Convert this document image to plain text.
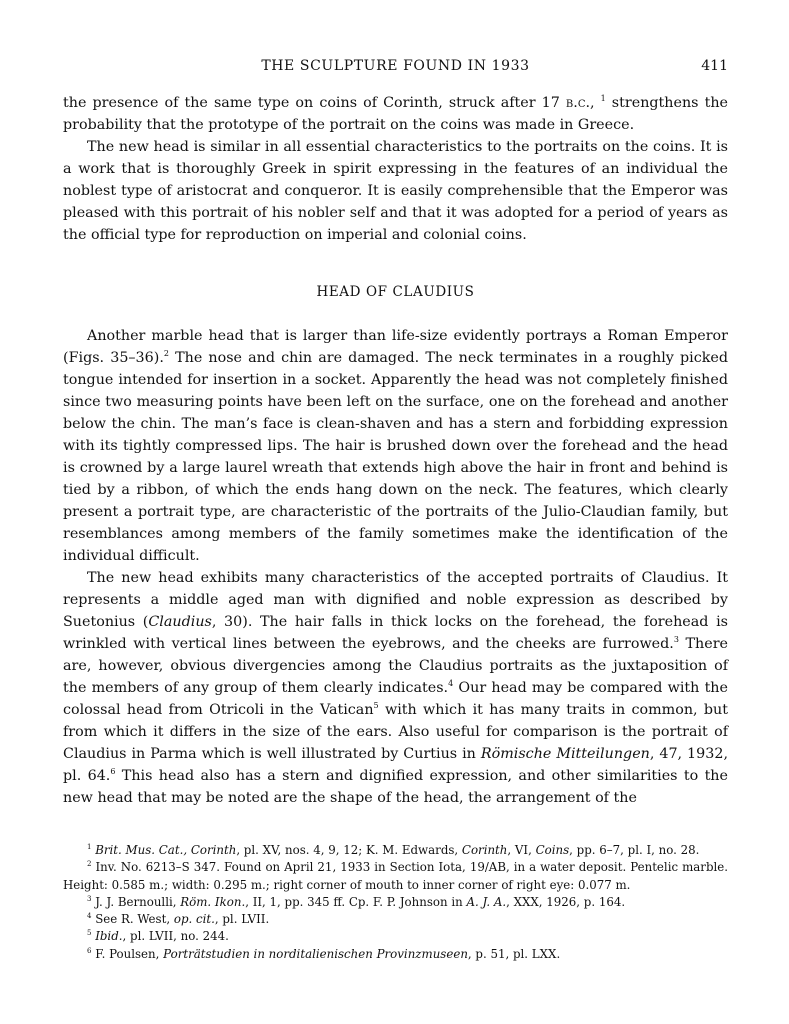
THE SCULPTURE FOUND IN 1933	411

the presence of the same type on coins of Corinth, struck after 17 b.c., $^1$ strengthens the probability that the prototype of the portrait on the coins was made in Greece.

The new head is similar in all essential characteristics to the portraits on the coins. It is a work that is thoroughly Greek in spirit expressing in the features of an individual the noblest type of aristocrat and conqueror. It is easily comprehensible that the Emperor was pleased with this portrait of his nobler self and that it was adopted for a period of years as the official type for reproduction on imperial and colonial coins.

HEAD OF CLAUDIUS

Another marble head that is larger than life-size evidently portrays a Roman Emperor (Figs. 35–36).$^2$ The nose and chin are damaged. The neck terminates in a roughly picked tongue intended for insertion in a socket. Apparently the head was not completely finished since two measuring points have been left on the surface, one on the forehead and another below the chin. The man’s face is clean-shaven and has a stern and forbidding expression with its tightly compressed lips. The hair is brushed down over the forehead and the head is crowned by a large laurel wreath that extends high above the hair in front and behind is tied by a ribbon, of which the ends hang down on the neck. The features, which clearly present a portrait type, are characteristic of the portraits of the Julio-Claudian family, but resemblances among members of the family sometimes make the identification of the individual difficult.

The new head exhibits many characteristics of the accepted portraits of Claudius. It represents a middle aged man with dignified and noble expression as described by Suetonius (Claudius, 30). The hair falls in thick locks on the forehead, the forehead is wrinkled with vertical lines between the eyebrows, and the cheeks are furrowed.$^3$ There are, however, obvious divergencies among the Claudius portraits as the juxtaposition of the members of any group of them clearly indicates.$^4$ Our head may be compared with the colossal head from Otricoli in the Vatican$^5$ with which it has many traits in common, but from which it differs in the size of the ears. Also useful for comparison is the portrait of Claudius in Parma which is well illustrated by Curtius in Römische Mitteilungen, 47, 1932, pl. 64.$^6$ This head also has a stern and dignified expression, and other similarities to the new head that may be noted are the shape of the head, the arrangement of the

$^1$ Brit. Mus. Cat., Corinth, pl. XV, nos. 4, 9, 12; K. M. Edwards, Corinth, VI, Coins, pp. 6–7, pl. I, no. 28.

$^2$ Inv. No. 6213–S 347. Found on April 21, 1933 in Section Iota, 19/AB, in a water deposit. Pentelic marble. Height: 0.585 m.; width: 0.295 m.; right corner of mouth to inner corner of right eye: 0.077 m.

$^3$ J. J. Bernoulli, Röm. Ikon., II, 1, pp. 345 ff. Cp. F. P. Johnson in A. J. A., XXX, 1926, p. 164.

$^4$ See R. West, op. cit., pl. LVII.

$^5$ Ibid., pl. LVII, no. 244.

$^6$ F. Poulsen, Porträtstudien in norditalienischen Provinzmuseen, p. 51, pl. LXX.
